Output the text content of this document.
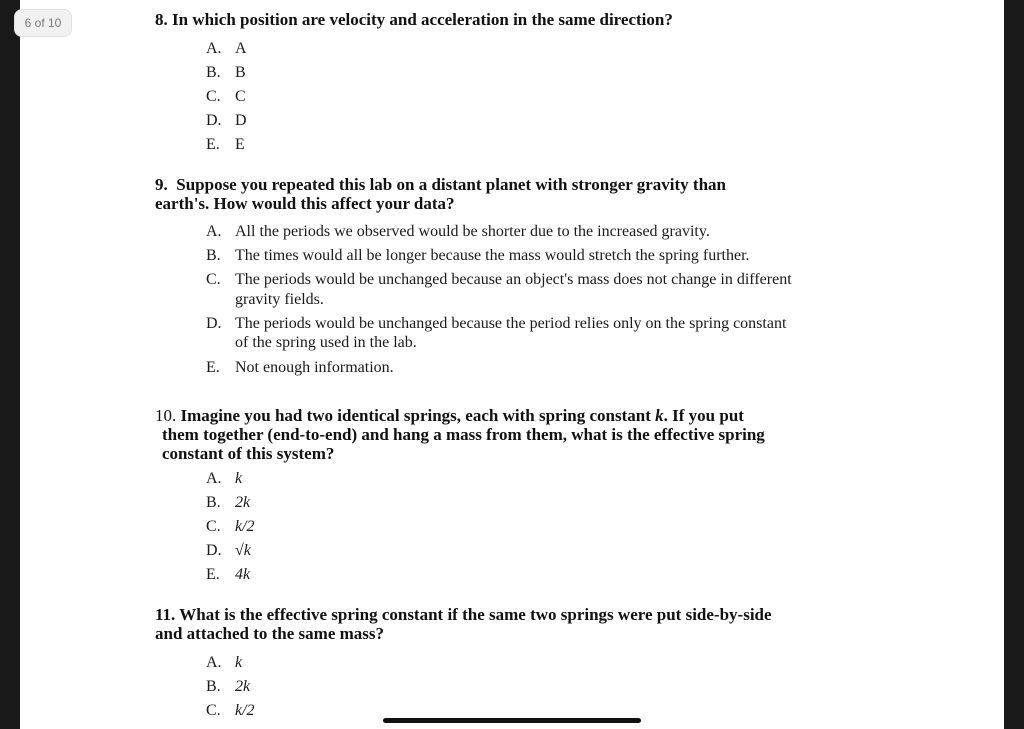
8. In which position are velocity and acceleration in the same direction?
A. A
B. B
C. C
D. D
E. E
9. Suppose you repeated this lab on a distant planet with stronger gravity than
earth's. How would this affect your data?
A. All the periods we observed would be shorter due to the increased gravity.
B. The times would all be longer because the mass would stretch the spring further.
C. The periods would be unchanged because an object's mass does not change in different
gravity fields.
D. The periods would be unchanged because the period relies only on the spring constant
of the spring used in the lab.
E. Not enough information.
10. Imagine you had two identical springs, each with spring constant k. If you put
them together (end-to-end) and hang a mass from them, what is the effective spring
constant of this system?
A. k
B. 2k
C. k/2
D. √k
E. 4k
11. What is the effective spring constant if the same two springs were put side-by-side
and attached to the same mass?
A. k
B. 2k
C. k/2
6 of 10
